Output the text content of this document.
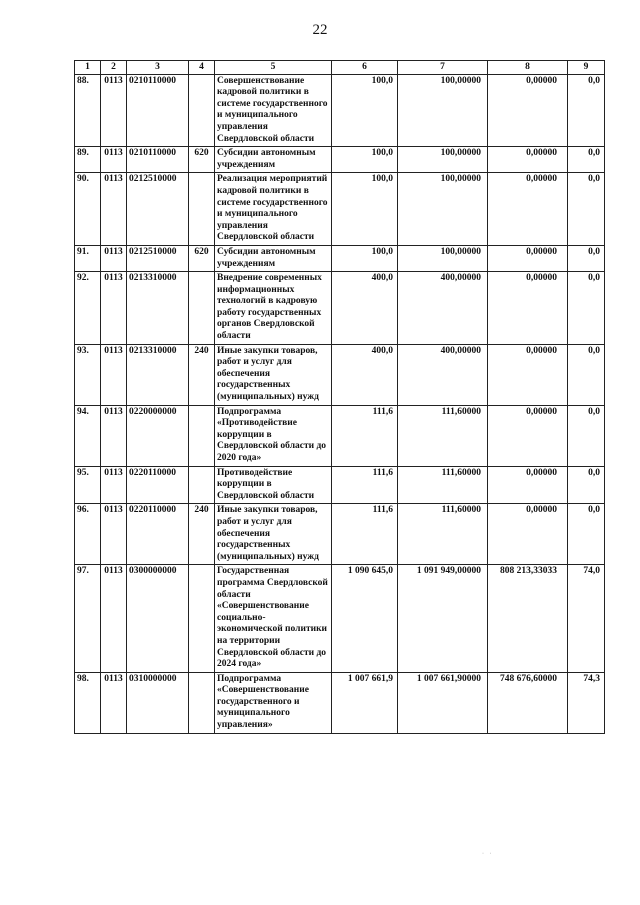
22
1	2	3	4	5	6	7	8	9
88.	0113	0210110000		Совершенствование кадровой политики в системе государственного и муниципального управления Свердловской области	100,0	100,00000	0,00000	0,0
89.	0113	0210110000	620	Субсидии автономным учреждениям	100,0	100,00000	0,00000	0,0
90.	0113	0212510000		Реализация мероприятий кадровой политики в системе государственного и муниципального управления Свердловской области	100,0	100,00000	0,00000	0,0
91.	0113	0212510000	620	Субсидии автономным учреждениям	100,0	100,00000	0,00000	0,0
92.	0113	0213310000		Внедрение современных информационных технологий в кадровую работу государственных органов Свердловской области	400,0	400,00000	0,00000	0,0
93.	0113	0213310000	240	Иные закупки товаров, работ и услуг для обеспечения государственных (муниципальных) нужд	400,0	400,00000	0,00000	0,0
94.	0113	0220000000		Подпрограмма «Противодействие коррупции в Свердловской области до 2020 года»	111,6	111,60000	0,00000	0,0
95.	0113	0220110000		Противодействие коррупции в Свердловской области	111,6	111,60000	0,00000	0,0
96.	0113	0220110000	240	Иные закупки товаров, работ и услуг для обеспечения государственных (муниципальных) нужд	111,6	111,60000	0,00000	0,0
97.	0113	0300000000		Государственная программа Свердловской области «Совершенствование социально-экономической политики на территории Свердловской области до 2024 года»	1 090 645,0	1 091 949,00000	808 213,33033	74,0
98.	0113	0310000000		Подпрограмма «Совершенствование государственного и муниципального управления»	1 007 661,9	1 007 661,90000	748 676,60000	74,3
· ·
